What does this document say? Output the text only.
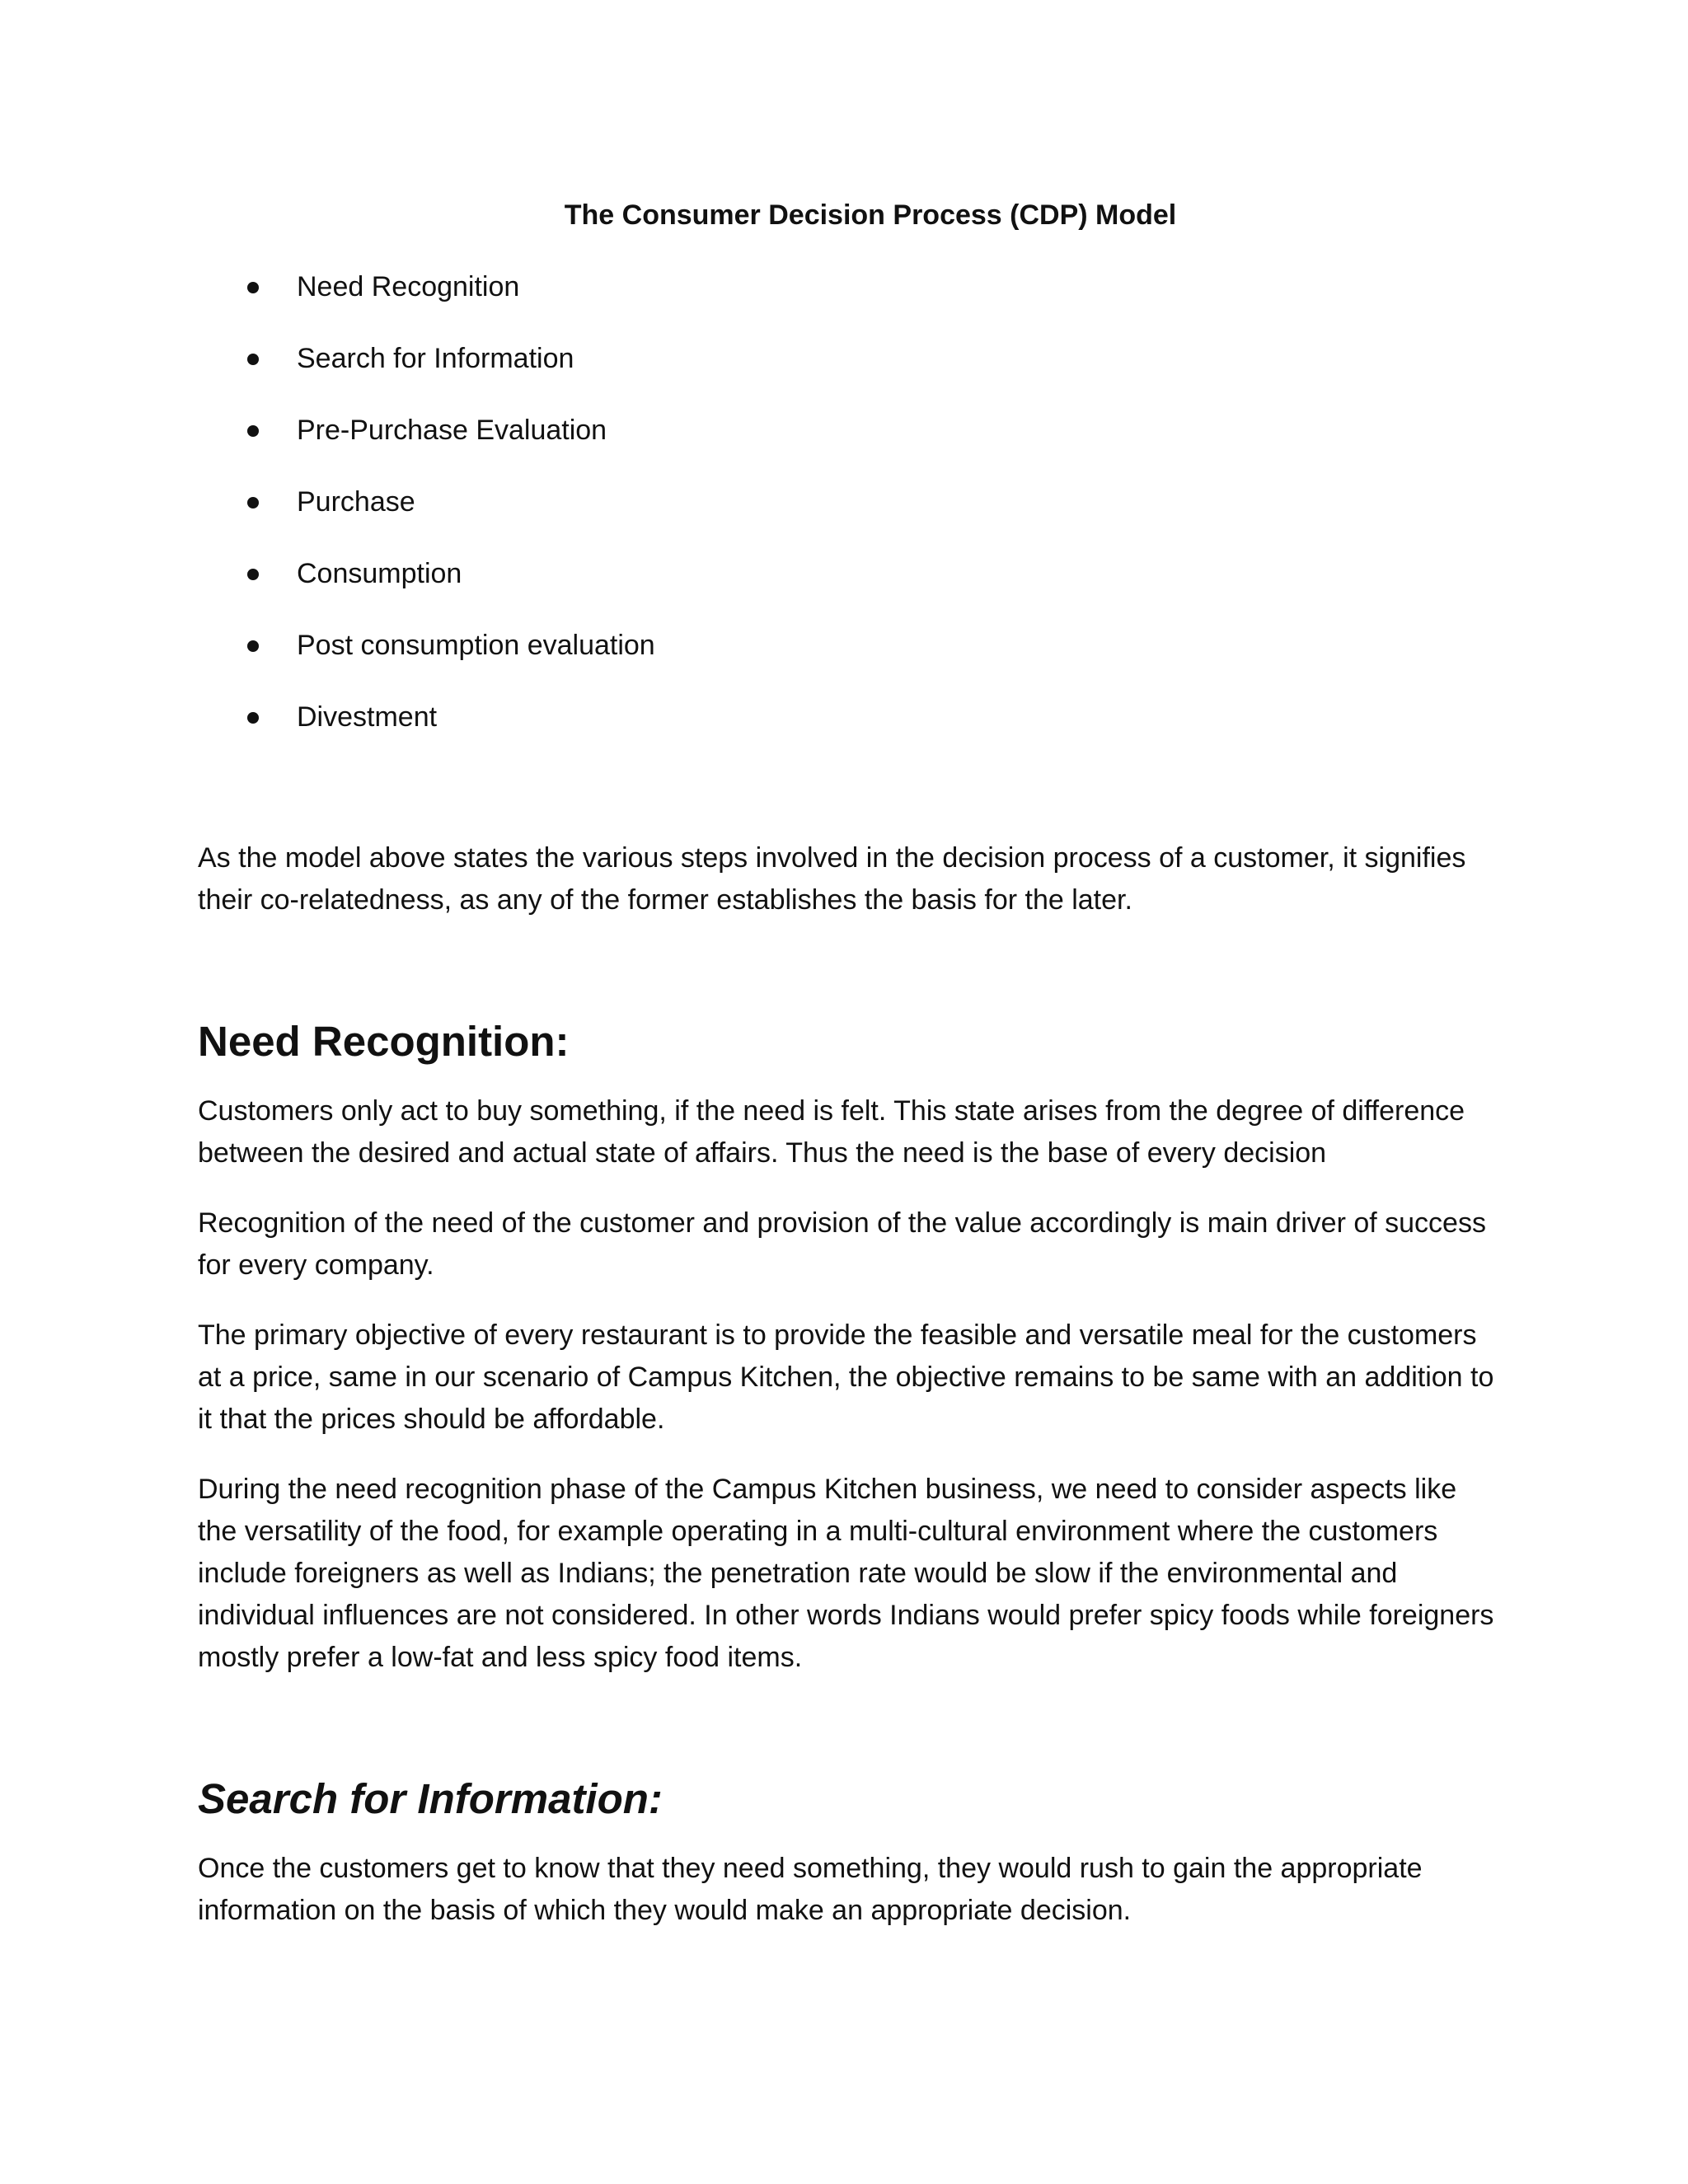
The Consumer Decision Process (CDP) Model
Need Recognition
Search for Information
Pre-Purchase Evaluation
Purchase
Consumption
Post consumption evaluation
Divestment

As the model above states the various steps involved in the decision process of a customer, it signifies their co-relatedness, as any of the former establishes the basis for the later.

Need Recognition:

Customers only act to buy something, if the need is felt. This state arises from the degree of difference between the desired and actual state of affairs. Thus the need is the base of every decision

Recognition of the need of the customer and provision of the value accordingly is main driver of success for every company.

The primary objective of every restaurant is to provide the feasible and versatile meal for the customers at a price, same in our scenario of Campus Kitchen, the objective remains to be same with an addition to it that the prices should be affordable.

During the need recognition phase of the Campus Kitchen business, we need to consider aspects like the versatility of the food, for example operating in a multi-cultural environment where the customers include foreigners as well as Indians; the penetration rate would be slow if the environmental and individual influences are not considered. In other words Indians would prefer spicy foods while foreigners mostly prefer a low-fat and less spicy food items.

Search for Information:

Once the customers get to know that they need something, they would rush to gain the appropriate information on the basis of which they would make an appropriate decision.
